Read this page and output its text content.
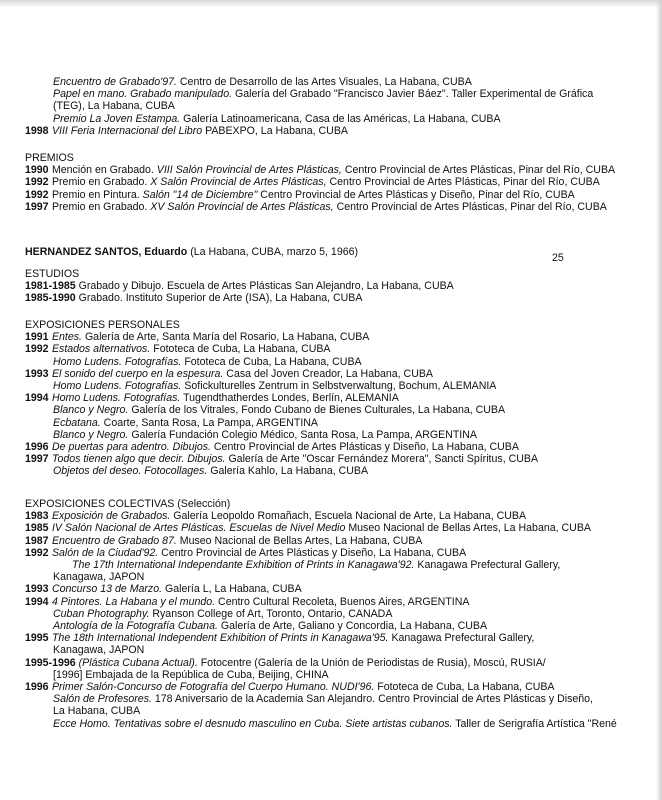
Encuentro de Grabado'97. Centro de Desarrollo de las Artes Visuales, La Habana, CUBA
Papel en mano. Grabado manipulado. Galería del Grabado "Francisco Javier Báez". Taller Experimental de Gráfica
(TEG), La Habana, CUBA
Premio La Joven Estampa. Galería Latinoamericana, Casa de las Américas, La Habana, CUBA
1998 VIII Feria Internacional del Libro PABEXPO, La Habana, CUBA
PREMIOS
1990 Mención en Grabado. VIII Salón Provincial de Artes Plásticas, Centro Provincial de Artes Plásticas, Pinar del Río, CUBA
1992 Premio en Grabado. X Salón Provincial de Artes Plásticas, Centro Provincial de Artes Plásticas, Pinar del Río, CUBA
1992 Premio en Pintura. Salón "14 de Diciembre" Centro Provincial de Artes Plásticas y Diseño, Pinar del Río, CUBA
1997 Premio en Grabado. XV Salón Provincial de Artes Plásticas, Centro Provincial de Artes Plásticas, Pinar del Río, CUBA
HERNANDEZ SANTOS, Eduardo (La Habana, CUBA, marzo 5, 1966)	25
ESTUDIOS
1981-1985 Grabado y Dibujo. Escuela de Artes Plásticas San Alejandro, La Habana, CUBA
1985-1990 Grabado. Instituto Superior de Arte (ISA), La Habana, CUBA
EXPOSICIONES PERSONALES
1991 Entes. Galería de Arte, Santa María del Rosario, La Habana, CUBA
1992 Estados alternativos. Fototeca de Cuba, La Habana, CUBA
Homo Ludens. Fotografías. Fototeca de Cuba, La Habana, CUBA
1993 El sonido del cuerpo en la espesura. Casa del Joven Creador, La Habana, CUBA
Homo Ludens. Fotografías. Sofickulturelles Zentrum in Selbstverwaltung, Bochum, ALEMANIA
1994 Homo Ludens. Fotografías. Tugendthatherdes Londes, Berlín, ALEMANIA
Blanco y Negro. Galería de los Vitrales, Fondo Cubano de Bienes Culturales, La Habana, CUBA
Ecbatana. Coarte, Santa Rosa, La Pampa, ARGENTINA
Blanco y Negro. Galería Fundación Colegio Médico, Santa Rosa, La Pampa, ARGENTINA
1996 De puertas para adentro. Dibujos. Centro Provincial de Artes Plásticas y Diseño, La Habana, CUBA
1997 Todos tienen algo que decir. Dibujos. Galería de Arte "Oscar Fernández Morera", Sancti Spíritus, CUBA
Objetos del deseo. Fotocollages. Galería Kahlo, La Habana, CUBA
EXPOSICIONES COLECTIVAS (Selección)
1983 Exposición de Grabados. Galería Leopoldo Romañach, Escuela Nacional de Arte, La Habana, CUBA
1985 IV Salón Nacional de Artes Plásticas. Escuelas de Nivel Medio Museo Nacional de Bellas Artes, La Habana, CUBA
1987 Encuentro de Grabado 87. Museo Nacional de Bellas Artes, La Habana, CUBA
1992 Salón de la Ciudad'92. Centro Provincial de Artes Plásticas y Diseño, La Habana, CUBA
The 17th International Independante Exhibition of Prints in Kanagawa'92. Kanagawa Prefectural Gallery,
Kanagawa, JAPON
1993 Concurso 13 de Marzo. Galería L, La Habana, CUBA
1994 4 Pintores. La Habana y el mundo. Centro Cultural Recoleta, Buenos Aires, ARGENTINA
Cuban Photography. Ryanson College of Art, Toronto, Ontario, CANADA
Antología de la Fotografía Cubana. Galería de Arte, Galiano y Concordia, La Habana, CUBA
1995 The 18th International Independent Exhibition of Prints in Kanagawa'95. Kanagawa Prefectural Gallery,
Kanagawa, JAPON
1995-1996 (Plástica Cubana Actual). Fotocentre (Galería de la Unión de Periodistas de Rusia), Moscú, RUSIA/
[1996] Embajada de la República de Cuba, Beijing, CHINA
1996 Primer Salón-Concurso de Fotografía del Cuerpo Humano. NUDI'96. Fototeca de Cuba, La Habana, CUBA
Salón de Profesores. 178 Aniversario de la Academia San Alejandro. Centro Provincial de Artes Plásticas y Diseño,
La Habana, CUBA
Ecce Homo. Tentativas sobre el desnudo masculino en Cuba. Siete artistas cubanos. Taller de Serigrafía Artística "René
